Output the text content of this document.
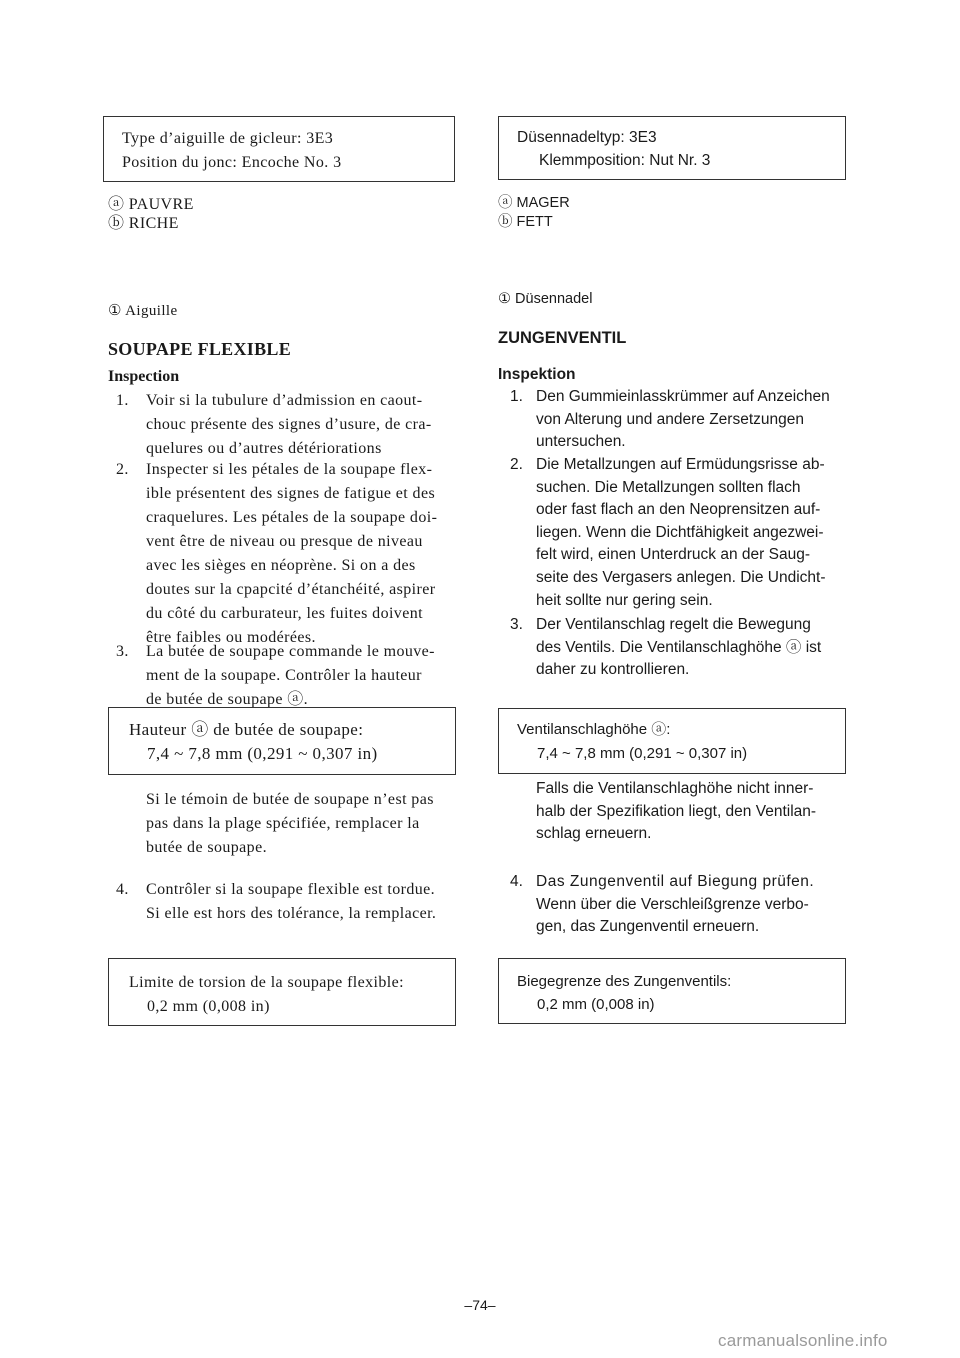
Type d’aiguille de gicleur: 3E3

Position du jonc: Encoche No. 3

ⓐ PAUVRE

ⓑ RICHE

① Aiguille

SOUPAPE FLEXIBLE
Inspection
1. Voir si la tubulure d’admission en caout-

chouc présente des signes d’usure, de cra-

quelures ou d’autres détériorations

2. Inspecter si les pétales de la soupape flex-

ible présentent des signes de fatigue et des

craquelures. Les pétales de la soupape doi-

vent être de niveau ou presque de niveau

avec les sièges en néoprène. Si on a des

doutes sur la cpapcité d’étanchéité, aspirer

du côté du carburateur, les fuites doivent

être faibles ou modérées.

3. La butée de soupape commande le mouve-

ment de la soupape. Contrôler la hauteur

de butée de soupape ⓐ.

Hauteur ⓐ de butée de soupape:

7,4 ~ 7,8 mm (0,291 ~ 0,307 in)

Si le témoin de butée de soupape n’est pas

pas dans la plage spécifiée, remplacer la

butée de soupape.

4. Contrôler si la soupape flexible est tordue.

Si elle est hors des tolérance, la remplacer.

Limite de torsion de la soupape flexible:

0,2 mm (0,008 in)

Düsennadeltyp: 3E3

Klemmposition: Nut Nr. 3

ⓐ MAGER

ⓑ FETT

① Düsennadel

ZUNGENVENTIL
Inspektion
1. Den Gummieinlasskrümmer auf Anzeichen

von Alterung und andere Zersetzungen

untersuchen.

2. Die Metallzungen auf Ermüdungsrisse ab-

suchen. Die Metallzungen sollten flach

oder fast flach an den Neoprensitzen auf-

liegen. Wenn die Dichtfähigkeit angezwei-

felt wird, einen Unterdruck an der Saug-

seite des Vergasers anlegen. Die Undicht-

heit sollte nur gering sein.

3. Der Ventilanschlag regelt die Bewegung

des Ventils. Die Ventilanschlaghöhe ⓐ ist

daher zu kontrollieren.

Ventilanschlaghöhe ⓐ:

7,4 ~ 7,8 mm (0,291 ~ 0,307 in)

Falls die Ventilanschlaghöhe nicht inner-

halb der Spezifikation liegt, den Ventilan-

schlag erneuern.

4. Das Zungenventil auf Biegung prüfen.

Wenn über die Verschleißgrenze verbo-

gen, das Zungenventil erneuern.

Biegegrenze des Zungenventils:

0,2 mm (0,008 in)

–74–
carmanualsonline.info
